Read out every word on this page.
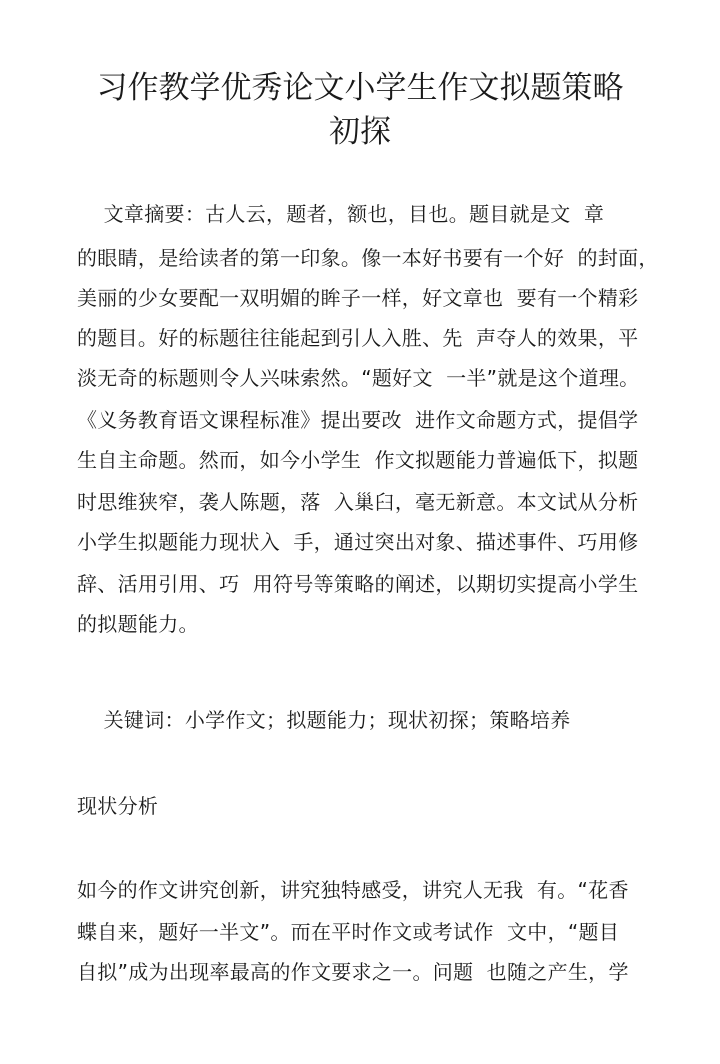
习作教学优秀论文小学生作文拟题策略
初探
文章摘要：古人云，题者，额也，目也。题目就是文  章
的眼睛，是给读者的第一印象。像一本好书要有一个好  的封面，
美丽的少女要配一双明媚的眸子一样，好文章也  要有一个精彩
的题目。好的标题往往能起到引人入胜、先  声夺人的效果，平
淡无奇的标题则令人兴味索然。“题好文  一半”就是这个道理。
《义务教育语文课程标准》提出要改  进作文命题方式，提倡学
生自主命题。然而，如今小学生  作文拟题能力普遍低下，拟题
时思维狭窄，袭人陈题，落  入巢臼，毫无新意。本文试从分析
小学生拟题能力现状入  手，通过突出对象、描述事件、巧用修
辞、活用引用、巧  用符号等策略的阐述，以期切实提高小学生
的拟题能力。
关键词：小学作文；拟题能力；现状初探；策略培养
现状分析
如今的作文讲究创新，讲究独特感受，讲究人无我  有。“花香
蝶自来，题好一半文”。而在平时作文或考试作  文中，“题目
自拟”成为出现率最高的作文要求之一。问题  也随之产生，学
